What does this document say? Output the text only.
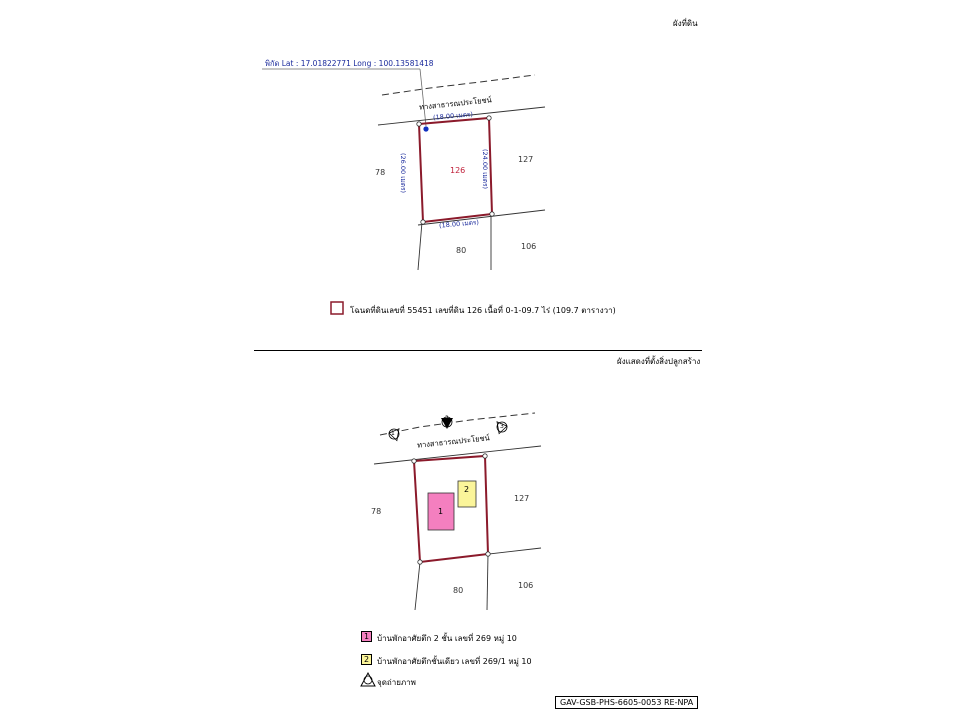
ผังที่ดิน
พิกัด Lat : 17.01822771 Long : 100.13581418
ทางสาธารณประโยชน์
(18.00 เมตร)
(18.00 เมตร)
(26.00 เมตร)	(24.00 เมตร)
126
78
127
80	106
โฉนดที่ดินเลขที่ 55451 เลขที่ดิน 126 เนื้อที่ 0-1-09.7 ไร่ (109.7 ตารางวา)
ผังแสดงที่ตั้งสิ่งปลูกสร้าง
ทางสาธารณประโยชน์
78
127
80
106
1
2
1
2
3
1 บ้านพักอาศัยตึก 2 ชั้น เลขที่ 269 หมู่ 10
2 บ้านพักอาศัยตึกชั้นเดียว เลขที่ 269/1 หมู่ 10
จุดถ่ายภาพ
GAV-GSB-PHS-6605-0053 RE-NPA
